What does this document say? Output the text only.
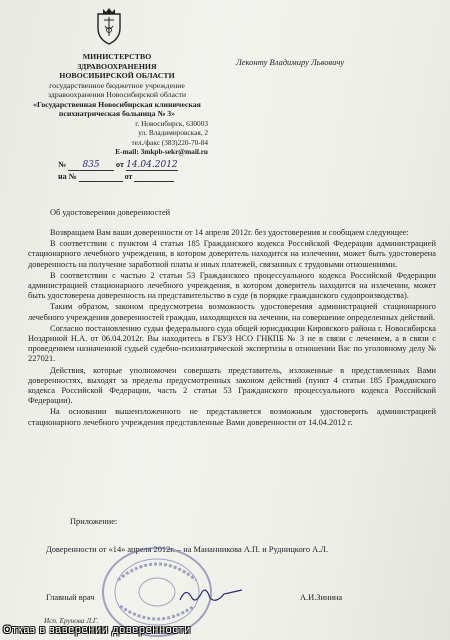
МИНИСТЕРСТВО
ЗДРАВООХРАНЕНИЯ
НОВОСИБИРСКОЙ ОБЛАСТИ
государственное бюджетное учреждение
здравоохранения Новосибирской области
«Государственная Новосибирская клиническая
психиатрическая больница № 3»
г. Новосибирск, 630003
ул. Владимировская, 2
тел./факс (383)220-70-84
E-mail: 3mkpb-sekr@mail.ru
№ 835 от 14.04.2012
на №	от
Леконту Владимиру Львовичу
Об удостоверении доверенностей

Возвращаем Вам ваши доверенности от 14 апреля 2012г. без удостоверения и сообщаем следующее:

В соответствии с пунктом 4 статьи 185 Гражданского кодекса Российской Федерации администрацией стационарного лечебного учреждения, в котором доверитель находится на излечении, может быть удостоверена доверенность на получение заработной платы и иных платежей, связанных с трудовыми отношениями.

В соответствии с частью 2 статьи 53 Гражданского процессуального кодекса Российской Федерации администрацией стационарного лечебного учреждения, в котором доверитель находится на излечении, может быть удостоверена доверенность на представительство в суде (в порядке гражданского судопроизводства).

Таким образом, законом предусмотрена возможность удостоверения администрацией стационарного лечебного учреждения доверенностей граждан, находящихся на лечении, на совершение определенных действий.

Согласно постановлению судьи федерального суда общей юрисдикции Кировского района г. Новосибирска Ноздриной Н.А. от 06.04.2012г. Вы находитесь в ГБУЗ НСО ГНКПБ № 3 не в связи с лечением, а в связи с проведением назначенной судьей судебно-психиатрической экспертизы в отношении Вас по уголовному делу № 227021.

Действия, которые уполномочен совершать представитель, изложенные в представленных Вами доверенностях, выходят за пределы предусмотренных законом действий (пункт 4 статьи 185 Гражданского кодекса Российской Федерации, часть 2 статьи 53 Гражданского процессуального кодекса Российской Федерации).

На основании вышеизложенного не представляется возможным удостоверить администрацией стационарного лечебного учреждения представленные Вами доверенности от 14.04.2012 г.

Приложение:
Доверенности от «14» апреля 2012г. – на Мананникова А.П. и Рудницкого А.Л.
Главный врач	А.И.Зинина
Исп. Ерунова Л.Г.
Отказ в заверении доверенности
